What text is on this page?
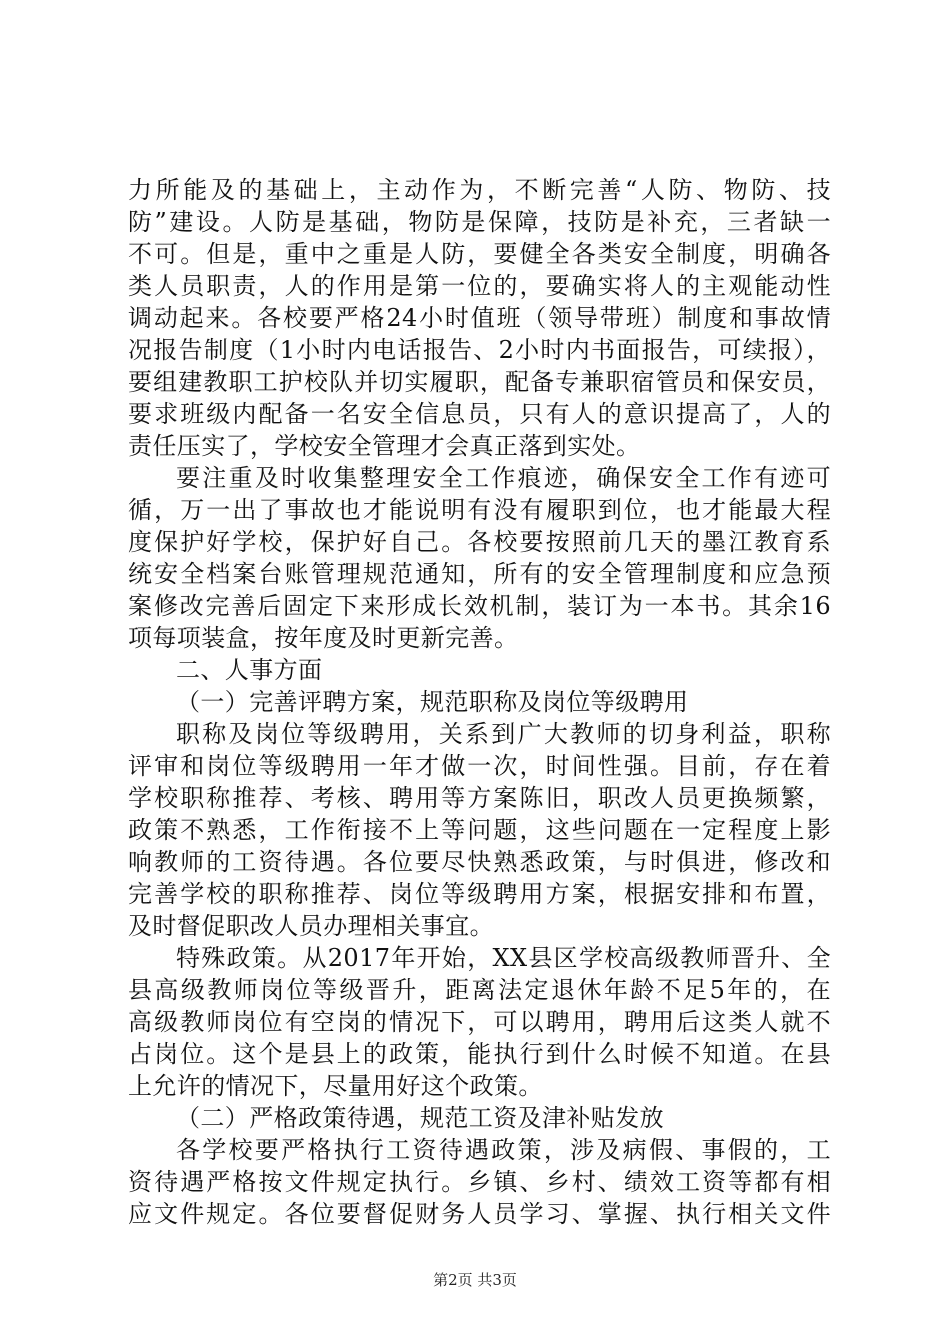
力所能及的基础上，主动作为，不断完善“人防、物防、技
防”建设。人防是基础，物防是保障，技防是补充，三者缺一
不可。但是，重中之重是人防，要健全各类安全制度，明确各
类人员职责，人的作用是第一位的，要确实将人的主观能动性
调动起来。各校要严格24小时值班（领导带班）制度和事故情
况报告制度（1小时内电话报告、2小时内书面报告，可续报），
要组建教职工护校队并切实履职，配备专兼职宿管员和保安员，
要求班级内配备一名安全信息员，只有人的意识提高了，人的
责任压实了，学校安全管理才会真正落到实处。
要注重及时收集整理安全工作痕迹，确保安全工作有迹可
循，万一出了事故也才能说明有没有履职到位，也才能最大程
度保护好学校，保护好自己。各校要按照前几天的墨江教育系
统安全档案台账管理规范通知，所有的安全管理制度和应急预
案修改完善后固定下来形成长效机制，装订为一本书。其余16
项每项装盒，按年度及时更新完善。
二、人事方面
（一）完善评聘方案，规范职称及岗位等级聘用
职称及岗位等级聘用，关系到广大教师的切身利益，职称
评审和岗位等级聘用一年才做一次，时间性强。目前，存在着
学校职称推荐、考核、聘用等方案陈旧，职改人员更换频繁，
政策不熟悉，工作衔接不上等问题，这些问题在一定程度上影
响教师的工资待遇。各位要尽快熟悉政策，与时俱进，修改和
完善学校的职称推荐、岗位等级聘用方案，根据安排和布置，
及时督促职改人员办理相关事宜。
特殊政策。从2017年开始，XX县区学校高级教师晋升、全
县高级教师岗位等级晋升，距离法定退休年龄不足5年的，在
高级教师岗位有空岗的情况下，可以聘用，聘用后这类人就不
占岗位。这个是县上的政策，能执行到什么时候不知道。在县
上允许的情况下，尽量用好这个政策。
（二）严格政策待遇，规范工资及津补贴发放
各学校要严格执行工资待遇政策，涉及病假、事假的，工
资待遇严格按文件规定执行。乡镇、乡村、绩效工资等都有相
应文件规定。各位要督促财务人员学习、掌握、执行相关文件
第2页 共3页
